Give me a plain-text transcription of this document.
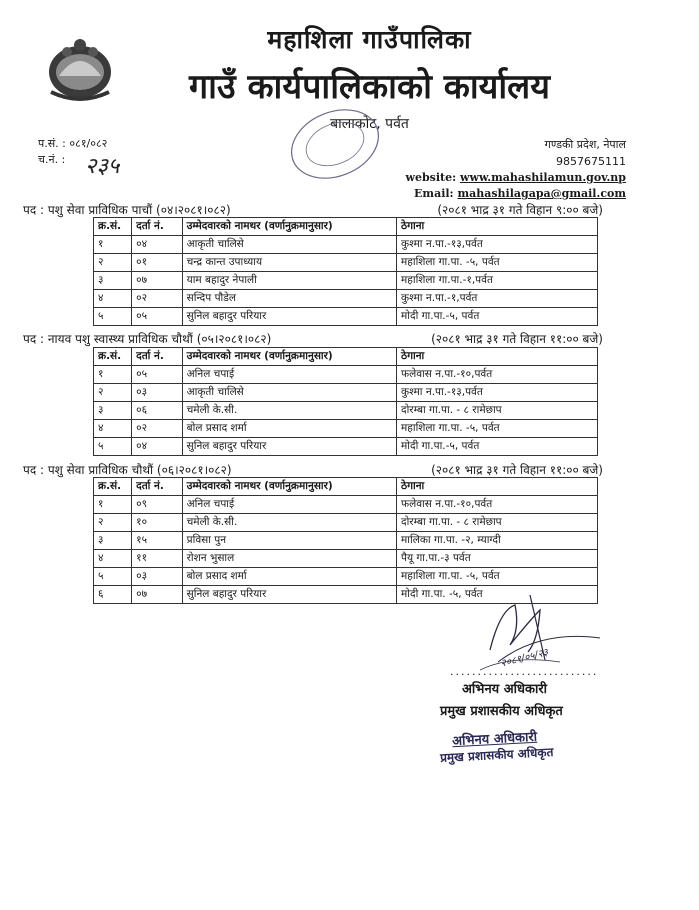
महाशिला गाउँपालिका
गाउँ कार्यपालिकाको कार्यालय
बालाकोट, पर्वत
प.सं. : ०८१/०८२
च.नं. : २३५
गण्डकी प्रदेश, नेपाल
9857675111
website: www.mahashilamun.gov.np
Email: mahashilagapa@gmail.com
पद : पशु सेवा प्राविधिक पाचौं (०४।२०८१।०८२)	(२०८१ भाद्र ३१ गते विहान ९:०० बजे)
क्र.सं.	दर्ता नं.	उम्मेदवारको नामथर (वर्णानुक्रमानुसार)	ठेगाना
१	०४	आकृती चालिसे	कुश्मा न.पा.-१३,पर्वत
२	०१	चन्द्र कान्त उपाध्याय	महाशिला गा.पा. -५, पर्वत
३	०७	याम बहादुर नेपाली	महाशिला गा.पा.-१,पर्वत
४	०२	सन्दिप पौडेल	कुश्मा न.पा.-१,पर्वत
५	०५	सुनिल बहादुर परियार	मोदी गा.पा.-५, पर्वत
पद : नायव पशु स्वास्थ्य प्राविधिक चौथौं (०५।२०८१।०८२)	(२०८१ भाद्र ३१ गते विहान ११:०० बजे)
क्र.सं.	दर्ता नं.	उम्मेदवारको नामथर (वर्णानुक्रमानुसार)	ठेगाना
१	०५	अनिल चपाई	फलेवास न.पा.-१०,पर्वत
२	०३	आकृती चालिसे	कुश्मा न.पा.-१३,पर्वत
३	०६	चमेली के.सी.	दोरम्बा गा.पा. - ८ रामेछाप
४	०२	बोल प्रसाद शर्मा	महाशिला गा.पा. -५, पर्वत
५	०४	सुनिल बहादुर परियार	मोदी गा.पा.-५, पर्वत
पद : पशु सेवा प्राविधिक चौथौं (०६।२०८१।०८२)	(२०८१ भाद्र ३१ गते विहान ११:०० बजे)
क्र.सं.	दर्ता नं.	उम्मेदवारको नामथर (वर्णानुक्रमानुसार)	ठेगाना
१	०९	अनिल चपाई	फलेवास न.पा.-१०,पर्वत
२	१०	चमेली के.सी.	दोरम्बा गा.पा. - ८ रामेछाप
३	१५	प्रविसा पुन	मालिका गा.पा. -२, म्याग्दी
४	११	रोशन भुसाल	पैयू गा.पा.-३ पर्वत
५	०३	बोल प्रसाद शर्मा	महाशिला गा.पा. -५, पर्वत
६	०७	सुनिल बहादुर परियार	मोदी गा.पा. -५, पर्वत
२०८१/०५/२३
...........................
अभिनय अधिकारी
प्रमुख प्रशासकीय अधिकृत
अभिनय अधिकारी
प्रमुख प्रशासकीय अधिकृत
